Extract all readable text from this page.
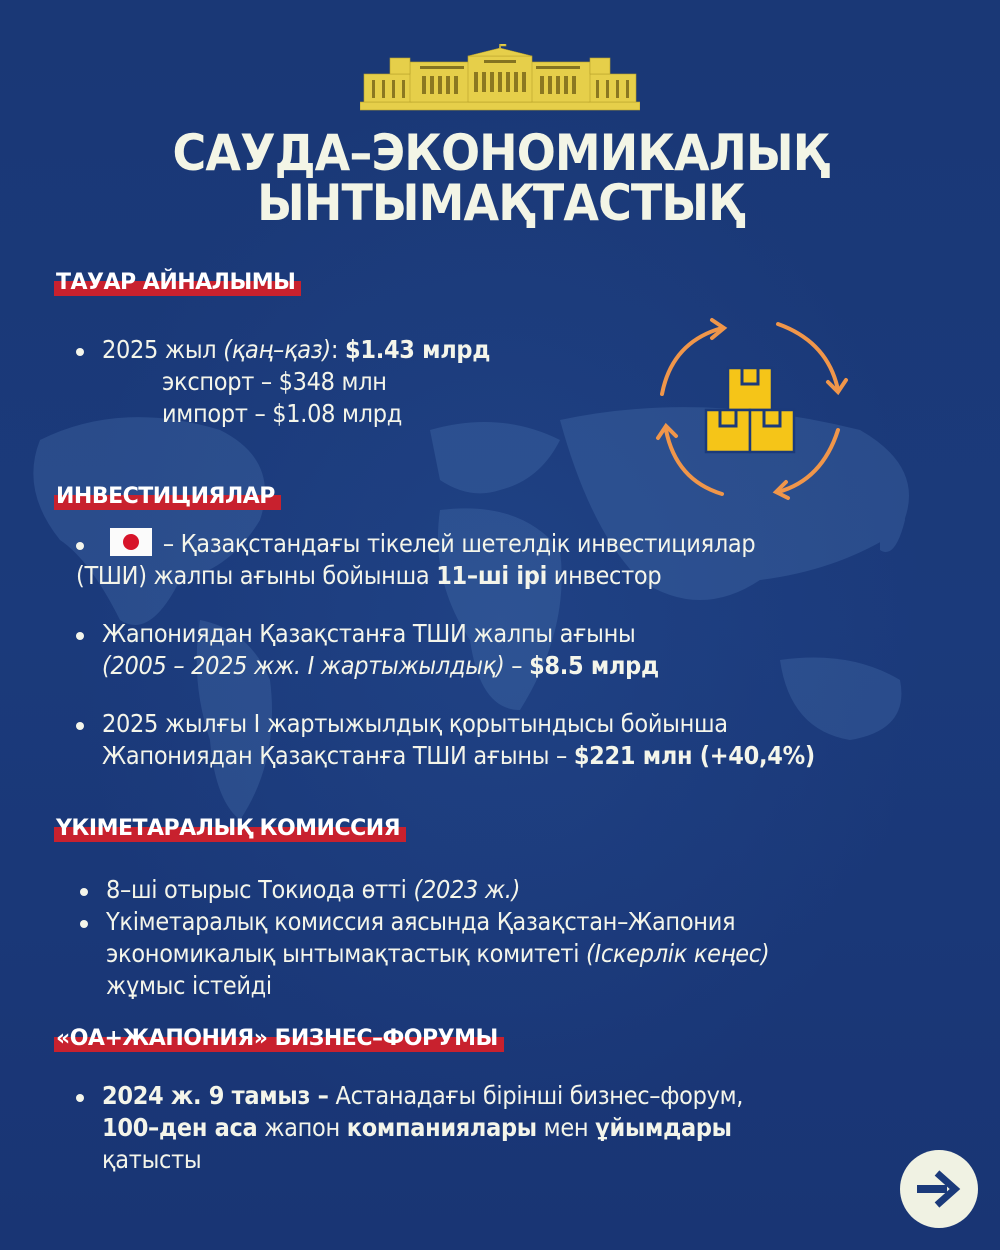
САУДА–ЭКОНОМИКАЛЫҚ
ЫНТЫМАҚТАСТЫҚ
ТАУАР АЙНАЛЫМЫ
2025 жыл (қаң–қаз): $1.43 млрд
экспорт – $348 млн
импорт – $1.08 млрд
ИНВЕСТИЦИЯЛАР
– Қазақстандағы тікелей шетелдік инвестициялар
(ТШИ) жалпы ағыны бойынша 11–ші ірі инвестор
Жапониядан Қазақстанға ТШИ жалпы ағыны
(2005 – 2025 жж. I жартыжылдық) – $8.5 млрд
2025 жылғы I жартыжылдық қорытындысы бойынша
Жапониядан Қазақстанға ТШИ ағыны – $221 млн (+40,4%)
ҮКІМЕТАРАЛЫҚ КОМИССИЯ
8–ші отырыс Токиода өтті (2023 ж.)
Үкіметаралық комиссия аясында Қазақстан–Жапония
экономикалық ынтымақтастық комитеті (Іскерлік кеңес)
жұмыс істейді
«ОА+ЖАПОНИЯ» БИЗНЕС–ФОРУМЫ
2024 ж. 9 тамыз – Астанадағы бірінші бизнес–форум,
100–ден аса жапон компаниялары мен ұйымдары
қатысты
